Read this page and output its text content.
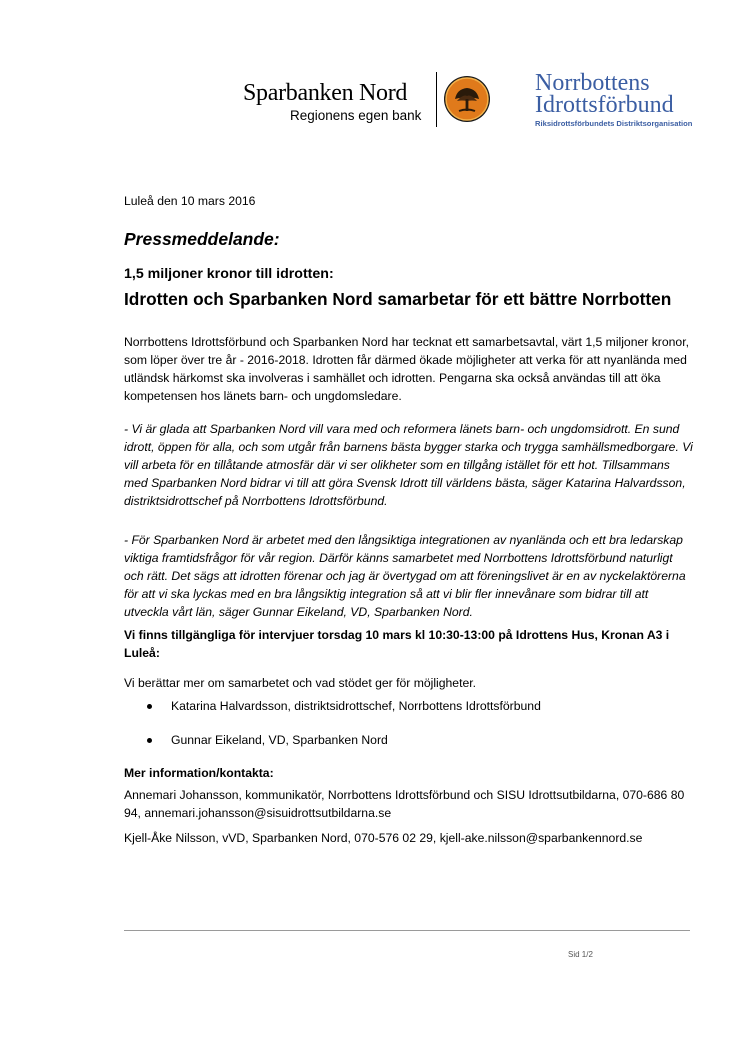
Sparbanken Nord
Regionens egen bank
Norrbottens
Idrottsförbund
Riksidrottsförbundets Distriktsorganisation
Luleå den 10 mars 2016
Pressmeddelande:
1,5 miljoner kronor till idrotten:
Idrotten och Sparbanken Nord samarbetar för ett bättre Norrbotten
Norrbottens Idrottsförbund och Sparbanken Nord har tecknat ett samarbetsavtal, värt 1,5 miljoner kronor, som löper över tre år - 2016-2018. Idrotten får därmed ökade möjligheter att verka för att nyanlända med utländsk härkomst ska involveras i samhället och idrotten. Pengarna ska också användas till att öka kompetensen hos länets barn- och ungdomsledare.
- Vi är glada att Sparbanken Nord vill vara med och reformera länets barn- och ungdomsidrott. En sund idrott, öppen för alla, och som utgår från barnens bästa bygger starka och trygga samhällsmedborgare. Vi vill arbeta för en tillåtande atmosfär där vi ser olikheter som en tillgång istället för ett hot. Tillsammans med Sparbanken Nord bidrar vi till att göra Svensk Idrott till världens bästa, säger Katarina Halvardsson, distriktsidrottschef på Norrbottens Idrottsförbund.
- För Sparbanken Nord är arbetet med den långsiktiga integrationen av nyanlända och ett bra ledarskap viktiga framtidsfrågor för vår region. Därför känns samarbetet med Norrbottens Idrottsförbund naturligt och rätt. Det sägs att idrotten förenar och jag är övertygad om att föreningslivet är en av nyckelaktörerna för att vi ska lyckas med en bra långsiktig integration så att vi blir fler innevånare som bidrar till att utveckla vårt län, säger Gunnar Eikeland, VD, Sparbanken Nord.
Vi finns tillgängliga för intervjuer torsdag 10 mars kl 10:30-13:00 på Idrottens Hus, Kronan A3 i Luleå:
Vi berättar mer om samarbetet och vad stödet ger för möjligheter.
Katarina Halvardsson, distriktsidrottschef, Norrbottens Idrottsförbund
Gunnar Eikeland, VD, Sparbanken Nord
Mer information/kontakta:
Annemari Johansson, kommunikatör, Norrbottens Idrottsförbund och SISU Idrottsutbildarna, 070-686 80 94, annemari.johansson@sisuidrottsutbildarna.se
Kjell-Åke Nilsson, vVD, Sparbanken Nord, 070-576 02 29, kjell-ake.nilsson@sparbankennord.se
Sid 1/2
